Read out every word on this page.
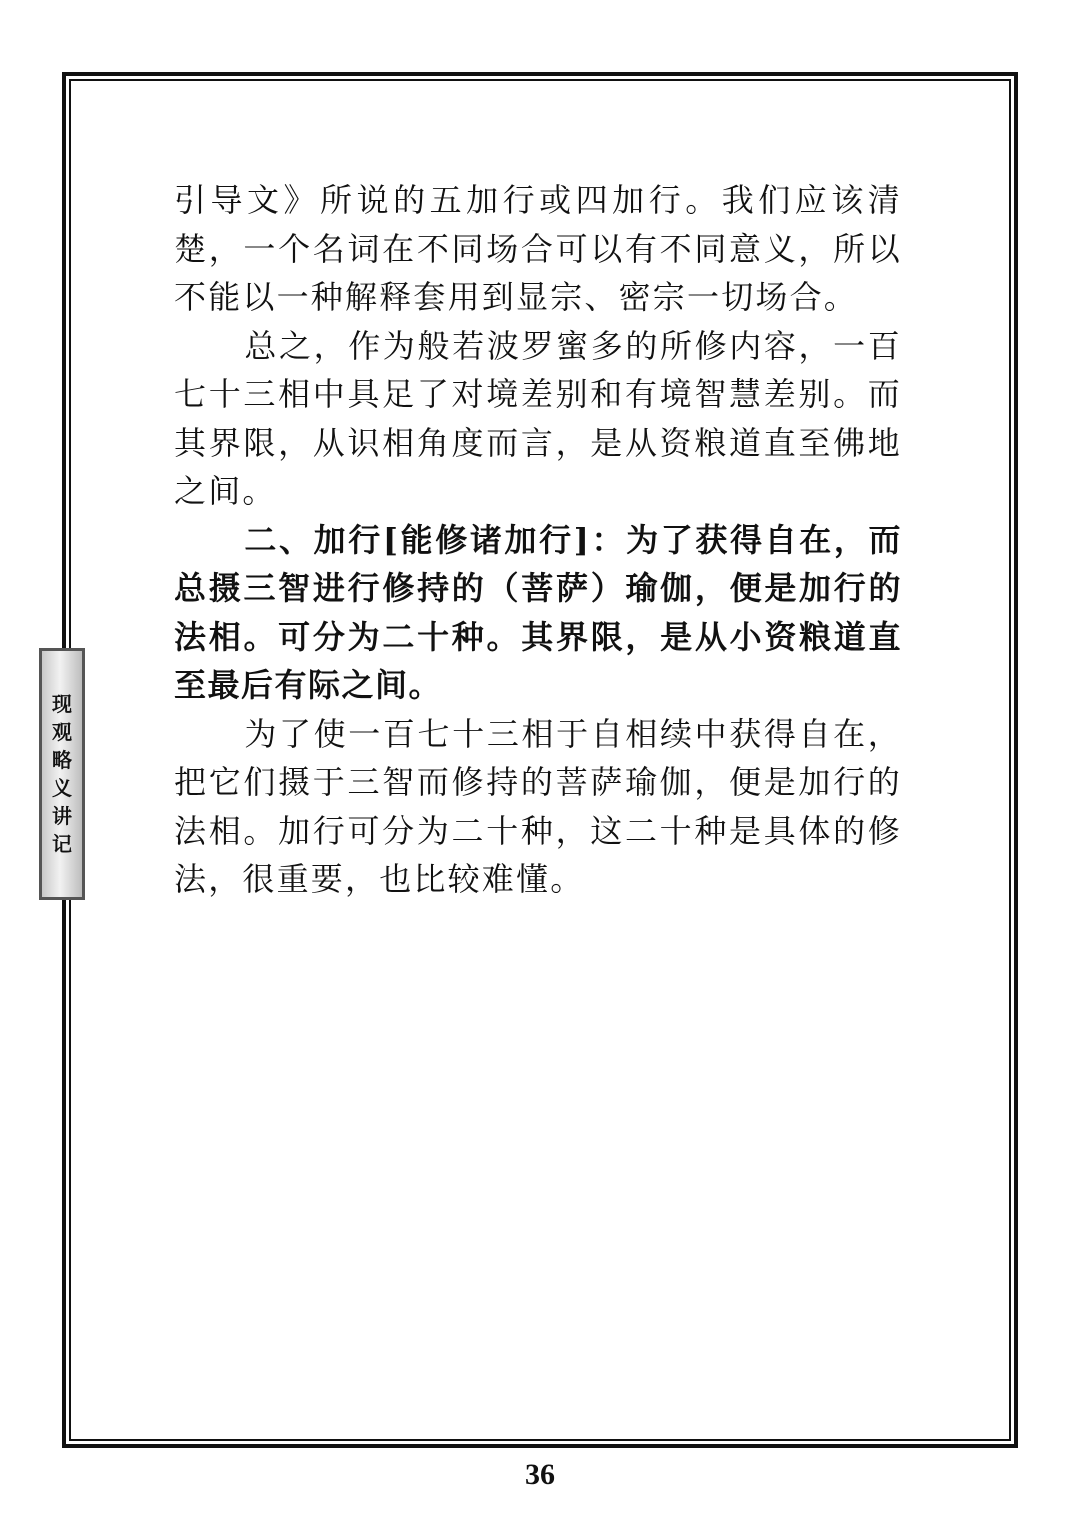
现
观
略
义
讲
记

引导文》所说的五加行或四加行。我们应该清楚，一个名词在不同场合可以有不同意义，所以不能以一种解释套用到显宗、密宗一切场合。

总之，作为般若波罗蜜多的所修内容，一百七十三相中具足了对境差别和有境智慧差别。而其界限，从识相角度而言，是从资粮道直至佛地之间。

二、加行[能修诸加行]：为了获得自在，而总摄三智进行修持的（菩萨）瑜伽，便是加行的法相。可分为二十种。其界限，是从小资粮道直至最后有际之间。

为了使一百七十三相于自相续中获得自在，把它们摄于三智而修持的菩萨瑜伽，便是加行的法相。加行可分为二十种，这二十种是具体的修法，很重要，也比较难懂。

36
